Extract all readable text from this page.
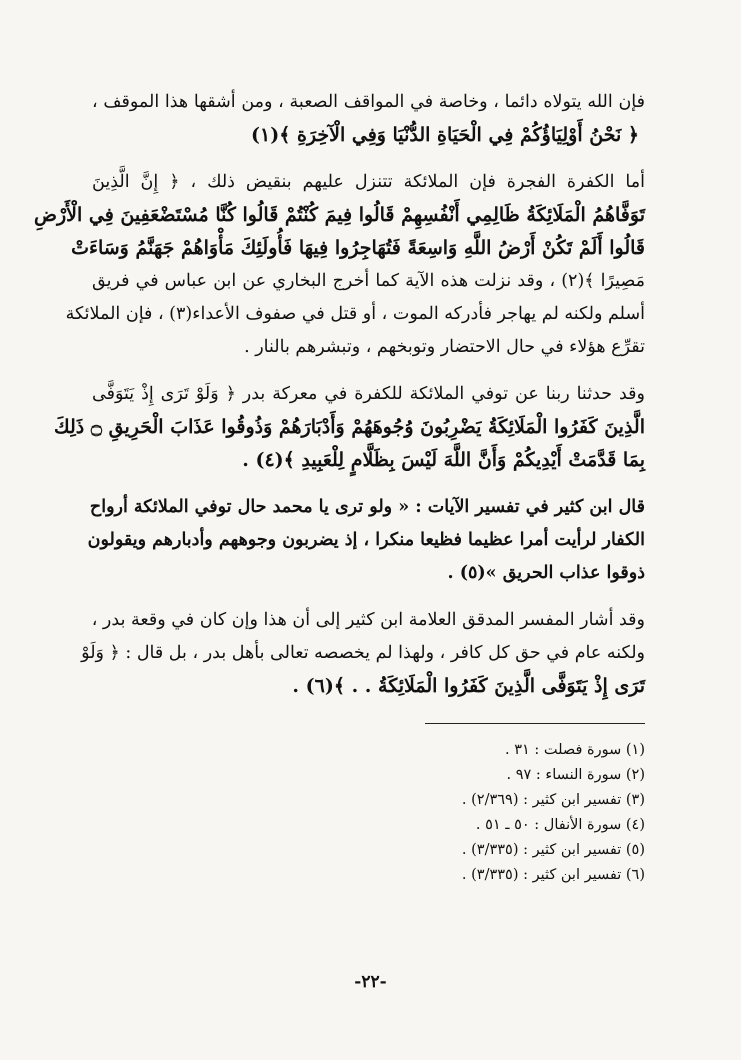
فإن الله يتولاه دائما ، وخاصة في المواقف الصعبة ، ومن أشقها هذا الموقف ،
﴿ نَحْنُ أَوْلِيَاؤُكُمْ فِي الْحَيَاةِ الدُّنْيَا وَفِي الْآخِرَةِ ﴾(١)
أما الكفرة الفجرة فإن الملائكة تتنزل عليهم بنقيض ذلك ، ﴿ إِنَّ الَّذِينَ
تَوَفَّاهُمُ الْمَلَائِكَةُ ظَالِمِي أَنْفُسِهِمْ قَالُوا فِيمَ كُنْتُمْ قَالُوا كُنَّا مُسْتَضْعَفِينَ فِي الْأَرْضِ
قَالُوا أَلَمْ تَكُنْ أَرْضُ اللَّهِ وَاسِعَةً فَتُهَاجِرُوا فِيهَا فَأُولَئِكَ مَأْوَاهُمْ جَهَنَّمُ وَسَاءَتْ
مَصِيرًا ﴾(٢) ، وقد نزلت هذه الآية كما أخرج البخاري عن ابن عباس في فريق
أسلم ولكنه لم يهاجر فأدركه الموت ، أو قتل في صفوف الأعداء(٣) ، فإن الملائكة
تقرِّع هؤلاء في حال الاحتضار وتوبخهم ، وتبشرهم بالنار .
وقد حدثنا ربنا عن توفي الملائكة للكفرة في معركة بدر ﴿ وَلَوْ تَرَى إِذْ يَتَوَفَّى
الَّذِينَ كَفَرُوا الْمَلَائِكَةُ يَضْرِبُونَ وُجُوهَهُمْ وَأَدْبَارَهُمْ وَذُوقُوا عَذَابَ الْحَرِيقِ ۝ ذَلِكَ
بِمَا قَدَّمَتْ أَيْدِيكُمْ وَأَنَّ اللَّهَ لَيْسَ بِظَلَّامٍ لِلْعَبِيدِ ﴾(٤) .
قال ابن كثير في تفسير الآيات : « ولو ترى يا محمد حال توفي الملائكة أرواح
الكفار لرأيت أمرا عظيما فظيعا منكرا ، إذ يضربون وجوههم وأدبارهم ويقولون
ذوقوا عذاب الحريق »(٥) .
وقد أشار المفسر المدقق العلامة ابن كثير إلى أن هذا وإن كان في وقعة بدر ،
ولكنه عام في حق كل كافر ، ولهذا لم يخصصه تعالى بأهل بدر ، بل قال : ﴿ وَلَوْ
تَرَى إِذْ يَتَوَفَّى الَّذِينَ كَفَرُوا الْمَلَائِكَةُ . . ﴾(٦) .
(١) سورة فصلت : ٣١ .
(٢) سورة النساء : ٩٧ .
(٣) تفسير ابن كثير : (٢/٣٦٩) .
(٤) سورة الأنفال : ٥٠ ـ ٥١ .
(٥) تفسير ابن كثير : (٣/٣٣٥) .
(٦) تفسير ابن كثير : (٣/٣٣٥) .
-٢٢-
